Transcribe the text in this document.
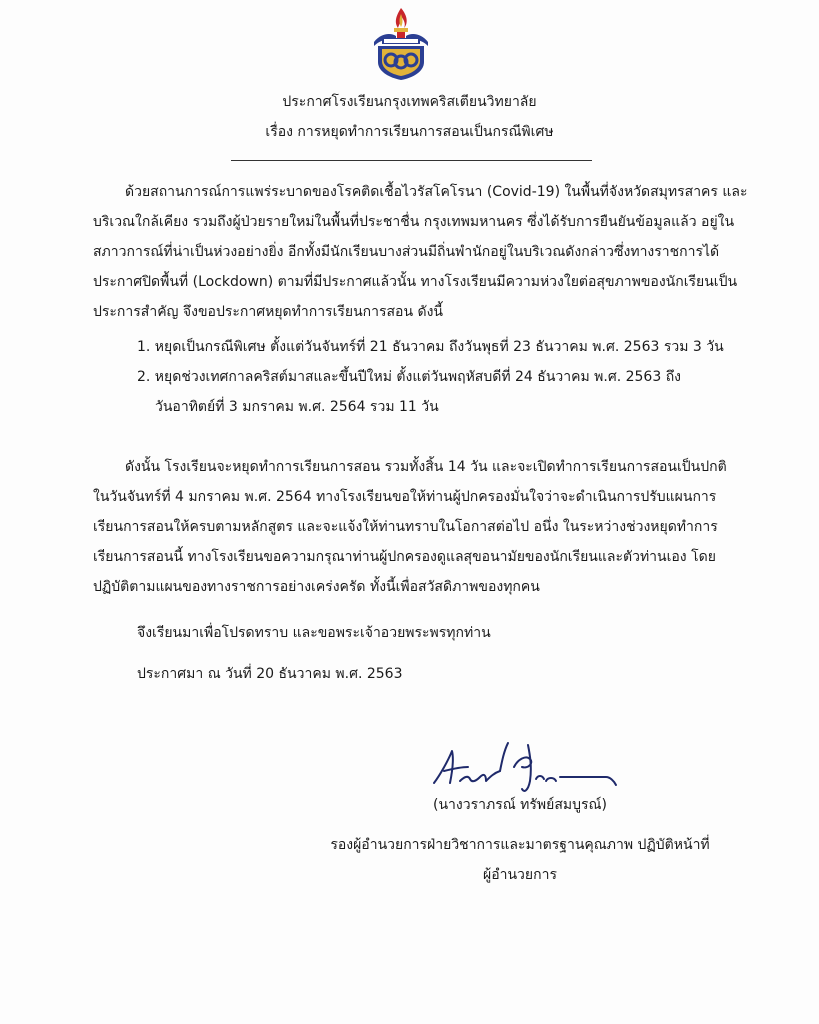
ประกาศโรงเรียนกรุงเทพคริสเตียนวิทยาลัย
เรื่อง การหยุดทำการเรียนการสอนเป็นกรณีพิเศษ
ด้วยสถานการณ์การแพร่ระบาดของโรคติดเชื้อไวรัสโคโรนา (Covid-19) ในพื้นที่จังหวัดสมุทรสาคร และ
บริเวณใกล้เคียง รวมถึงผู้ป่วยรายใหม่ในพื้นที่ประชาชื่น กรุงเทพมหานคร ซึ่งได้รับการยืนยันข้อมูลแล้ว อยู่ใน
สภาวการณ์ที่น่าเป็นห่วงอย่างยิ่ง อีกทั้งมีนักเรียนบางส่วนมีถิ่นพำนักอยู่ในบริเวณดังกล่าวซึ่งทางราชการได้
ประกาศปิดพื้นที่ (Lockdown) ตามที่มีประกาศแล้วนั้น ทางโรงเรียนมีความห่วงใยต่อสุขภาพของนักเรียนเป็น
ประการสำคัญ จึงขอประกาศหยุดทำการเรียนการสอน ดังนี้
1. หยุดเป็นกรณีพิเศษ ตั้งแต่วันจันทร์ที่ 21 ธันวาคม ถึงวันพุธที่ 23 ธันวาคม พ.ศ. 2563 รวม 3 วัน
2. หยุดช่วงเทศกาลคริสต์มาสและขึ้นปีใหม่ ตั้งแต่วันพฤหัสบดีที่ 24 ธันวาคม พ.ศ. 2563 ถึง
วันอาทิตย์ที่ 3 มกราคม พ.ศ. 2564 รวม 11 วัน
ดังนั้น โรงเรียนจะหยุดทำการเรียนการสอน รวมทั้งสิ้น 14 วัน และจะเปิดทำการเรียนการสอนเป็นปกติ
ในวันจันทร์ที่ 4 มกราคม พ.ศ. 2564 ทางโรงเรียนขอให้ท่านผู้ปกครองมั่นใจว่าจะดำเนินการปรับแผนการ
เรียนการสอนให้ครบตามหลักสูตร และจะแจ้งให้ท่านทราบในโอกาสต่อไป อนึ่ง ในระหว่างช่วงหยุดทำการ
เรียนการสอนนี้ ทางโรงเรียนขอความกรุณาท่านผู้ปกครองดูแลสุขอนามัยของนักเรียนและตัวท่านเอง โดย
ปฏิบัติตามแผนของทางราชการอย่างเคร่งครัด ทั้งนี้เพื่อสวัสดิภาพของทุกคน
จึงเรียนมาเพื่อโปรดทราบ และขอพระเจ้าอวยพระพรทุกท่าน
ประกาศมา ณ วันที่ 20 ธันวาคม พ.ศ. 2563
(นางวราภรณ์ ทรัพย์สมบูรณ์)
รองผู้อำนวยการฝ่ายวิชาการและมาตรฐานคุณภาพ ปฏิบัติหน้าที่
ผู้อำนวยการ
